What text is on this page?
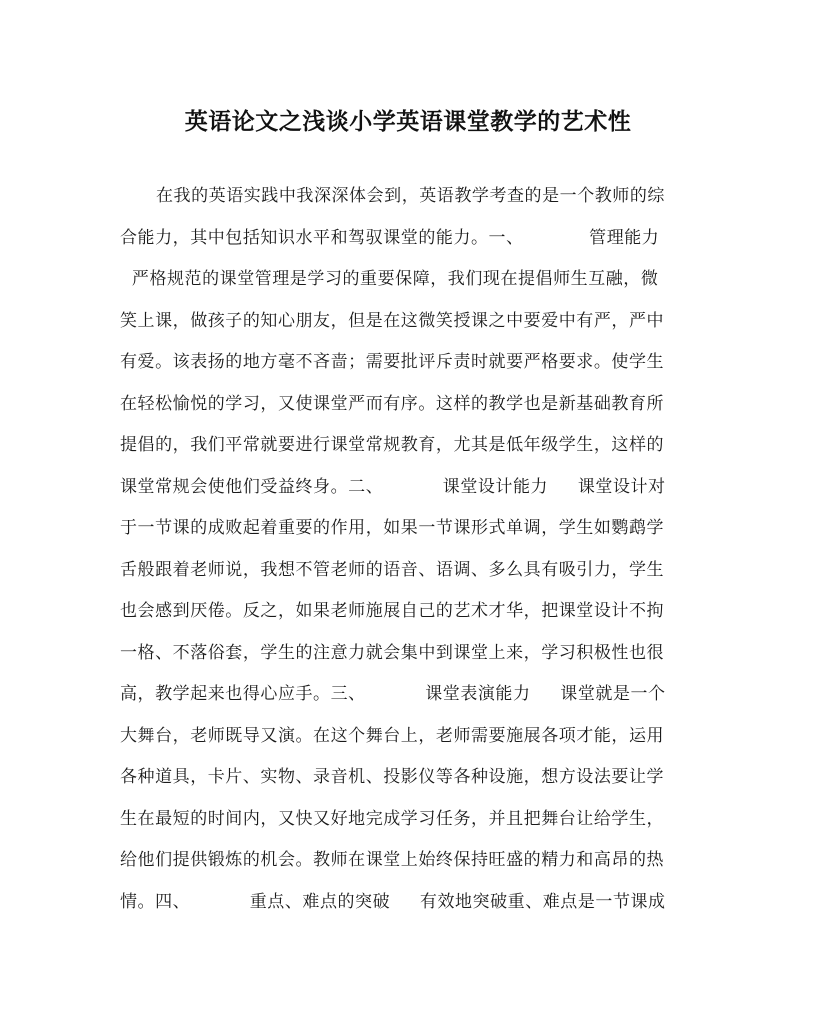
英语论文之浅谈小学英语课堂教学的艺术性
在我的英语实践中我深深体会到，英语教学考查的是一个教师的综
合能力，其中包括知识水平和驾驭课堂的能力。一、           管理能力
严格规范的课堂管理是学习的重要保障，我们现在提倡师生互融，微
笑上课，做孩子的知心朋友，但是在这微笑授课之中要爱中有严，严中
有爱。该表扬的地方毫不吝啬；需要批评斥责时就要严格要求。使学生
在轻松愉悦的学习，又使课堂严而有序。这样的教学也是新基础教育所
提倡的，我们平常就要进行课堂常规教育，尤其是低年级学生，这样的
课堂常规会使他们受益终身。二、          课堂设计能力     课堂设计对
于一节课的成败起着重要的作用，如果一节课形式单调，学生如鹦鹉学
舌般跟着老师说，我想不管老师的语音、语调、多么具有吸引力，学生
也会感到厌倦。反之，如果老师施展自己的艺术才华，把课堂设计不拘
一格、不落俗套，学生的注意力就会集中到课堂上来，学习积极性也很
高，教学起来也得心应手。三、          课堂表演能力     课堂就是一个
大舞台，老师既导又演。在这个舞台上，老师需要施展各项才能，运用
各种道具，卡片、实物、录音机、投影仪等各种设施，想方设法要让学
生在最短的时间内，又快又好地完成学习任务，并且把舞台让给学生，
给他们提供锻炼的机会。教师在课堂上始终保持旺盛的精力和高昂的热
情。四、          重点、难点的突破     有效地突破重、难点是一节课成
